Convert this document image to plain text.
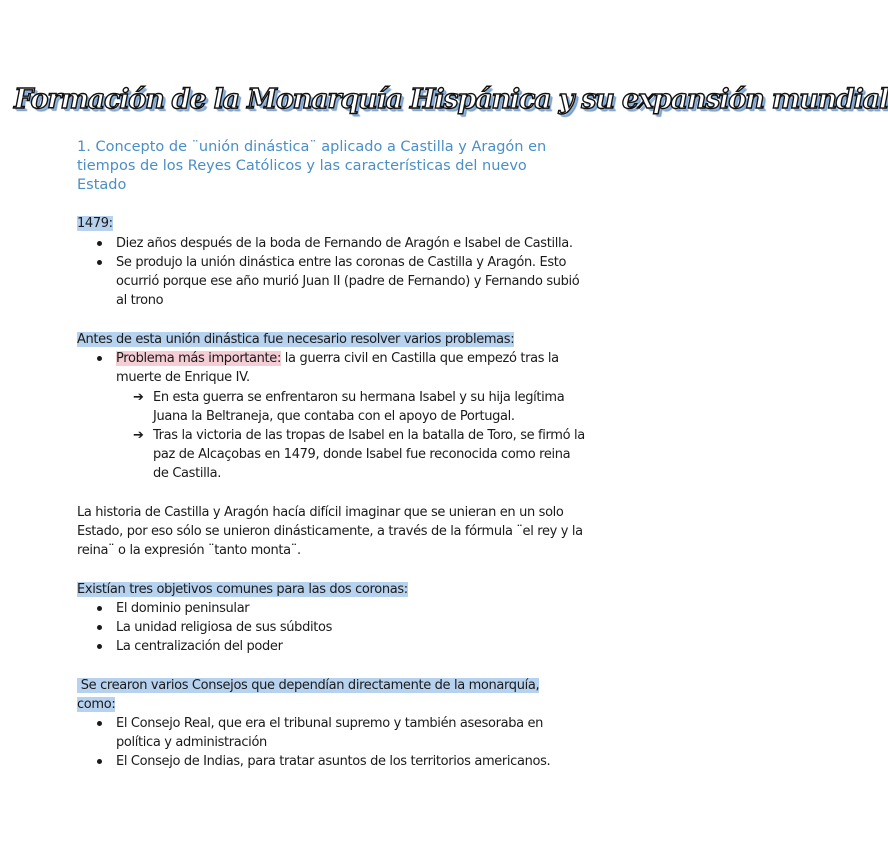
Formación de la Monarquía Hispánica y su expansión mundial
1. Concepto de ¨unión dinástica¨ aplicado a Castilla y Aragón en tiempos de los Reyes Católicos y las características del nuevo Estado
1479:
Diez años después de la boda de Fernando de Aragón e Isabel de Castilla.
Se produjo la unión dinástica entre las coronas de Castilla y Aragón. Esto ocurrió porque ese año murió Juan II (padre de Fernando) y Fernando subió al trono
Antes de esta unión dinástica fue necesario resolver varios problemas:
Problema más importante: la guerra civil en Castilla que empezó tras la muerte de Enrique IV.
➔ En esta guerra se enfrentaron su hermana Isabel y su hija legítima Juana la Beltraneja, que contaba con el apoyo de Portugal.
➔ Tras la victoria de las tropas de Isabel en la batalla de Toro, se firmó la paz de Alcaçobas en 1479, donde Isabel fue reconocida como reina de Castilla.
La historia de Castilla y Aragón hacía difícil imaginar que se unieran en un solo Estado, por eso sólo se unieron dinásticamente, a través de la fórmula ¨el rey y la reina¨ o la expresión ¨tanto monta¨.
Existían tres objetivos comunes para las dos coronas:
El dominio peninsular
La unidad religiosa de sus súbditos
La centralización del poder
Se crearon varios Consejos que dependían directamente de la monarquía,
como:
El Consejo Real, que era el tribunal supremo y también asesoraba en política y administración
El Consejo de Indias, para tratar asuntos de los territorios americanos.
